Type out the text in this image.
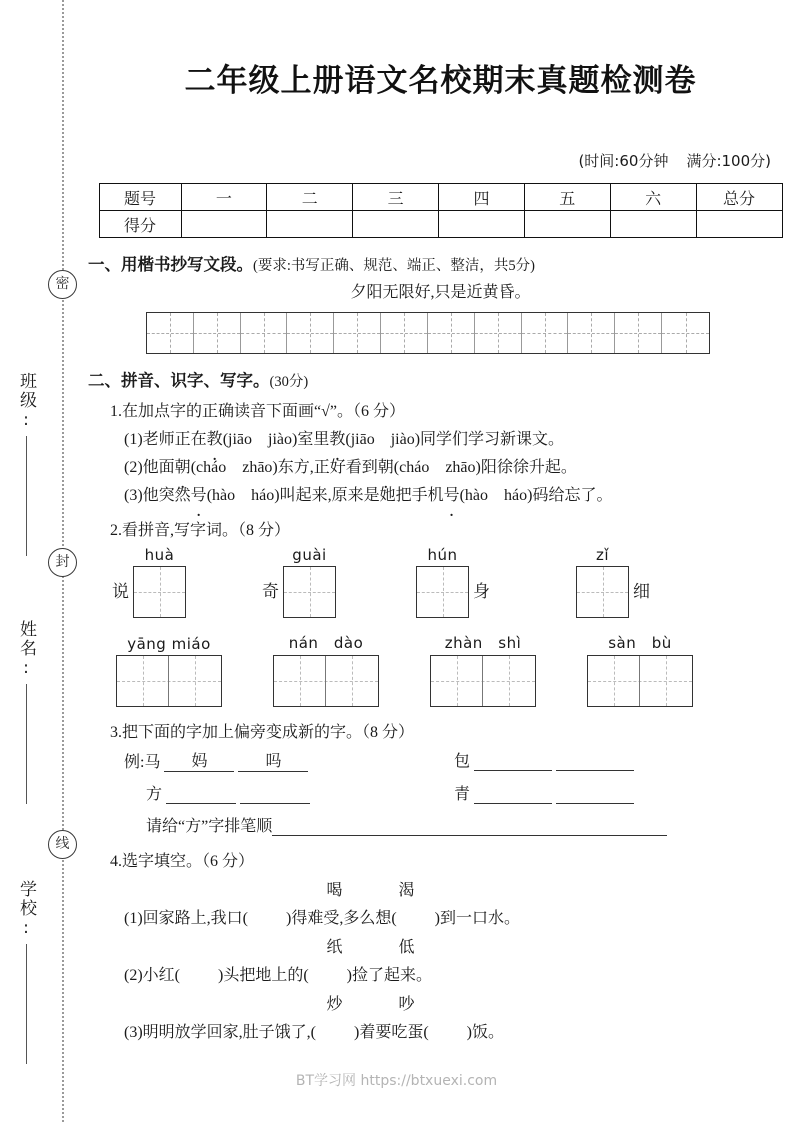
密
封
线
班级:
姓名:
学校:
二年级上册语文名校期末真题检测卷
(时间:60分钟 满分:100分)
题号	一	二	三	四	五	六	总分
得分							
一、用楷书抄写文段。(要求:书写正确、规范、端正、整洁，共5分)
夕阳无限好,只是近黄昏。
二、拼音、识字、写字。(30分)
1.在加点字的正确读音下面画“√”。（6 分）
(1)老师正在教(jiāo　jiào)室里教(jiāo　jiào)同学们学习新课文。
(2)他面朝(cháo　zhāo)东方,正好看到朝(cháo　zhāo)阳徐徐升起。
(3)他突然号(hào　háo)叫起来,原来是她把手机号(hào　háo)码给忘了。
2.看拼音,写字词。（8 分）
说
huà
奇
guài	hún
身
zǐ
细
yāng miáo	nán　dào	zhàn　shì	sàn　bù
3.把下面的字加上偏旁变成新的字。（8 分）
例:马 妈	吗	包
方	青
请给“方”字排笔顺
4.选字填空。（6 分）
喝	渴
(1)回家路上,我口( )得难受,多么想( )到一口水。
纸	低
(2)小红( )头把地上的( )捡了起来。
炒	吵
(3)明明放学回家,肚子饿了,( )着要吃蛋( )饭。
BT学习网 https://btxuexi.com
